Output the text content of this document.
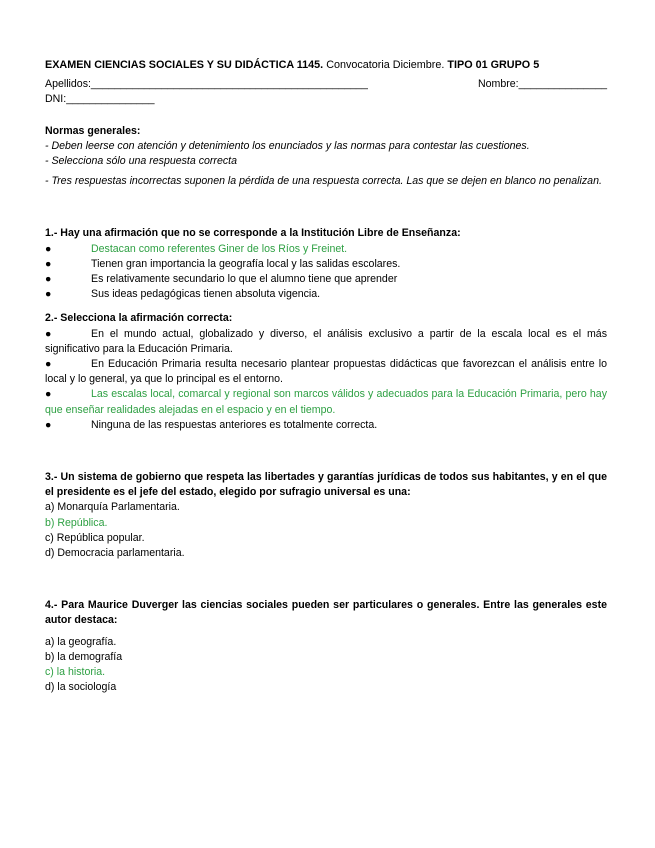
EXAMEN CIENCIAS SOCIALES Y SU DIDÁCTICA 1145. Convocatoria Diciembre. TIPO 01 GRUPO 5
Apellidos:_______________________________________________	Nombre:_______________
DNI:_______________

Normas generales:

- Deben leerse con atención y detenimiento los enunciados y las normas para contestar las cuestiones.

- Selecciona sólo una respuesta correcta

- Tres respuestas incorrectas suponen la pérdida de una respuesta correcta. Las que se dejen en blanco no penalizan.

1.- Hay una afirmación que no se corresponde a la Institución Libre de Enseñanza:

●	Destacan como referentes Giner de los Ríos y Freinet.
●	Tienen gran importancia la geografía local y las salidas escolares.
●	Es relativamente secundario lo que el alumno tiene que aprender
●	Sus ideas pedagógicas tienen absoluta vigencia.

2.- Selecciona la afirmación correcta:

●	En el mundo actual, globalizado y diverso, el análisis exclusivo a partir de la escala local es el más significativo para la Educación Primaria.

●	En Educación Primaria resulta necesario plantear propuestas didácticas que favorezcan el análisis entre lo local y lo general, ya que lo principal es el entorno.

●	Las escalas local, comarcal y regional son marcos válidos y adecuados para la Educación Primaria, pero hay que enseñar realidades alejadas en el espacio y en el tiempo.

●	Ninguna de las respuestas anteriores es totalmente correcta.

3.- Un sistema de gobierno que respeta las libertades y garantías jurídicas de todos sus habitantes, y en el que el presidente es el jefe del estado, elegido por sufragio universal es una:

a) Monarquía Parlamentaria.

b) República.

c) República popular.

d) Democracia parlamentaria.

4.- Para Maurice Duverger las ciencias sociales pueden ser particulares o generales. Entre las generales este autor destaca:

a) la geografía.

b) la demografía

c) la historia.

d) la sociología
